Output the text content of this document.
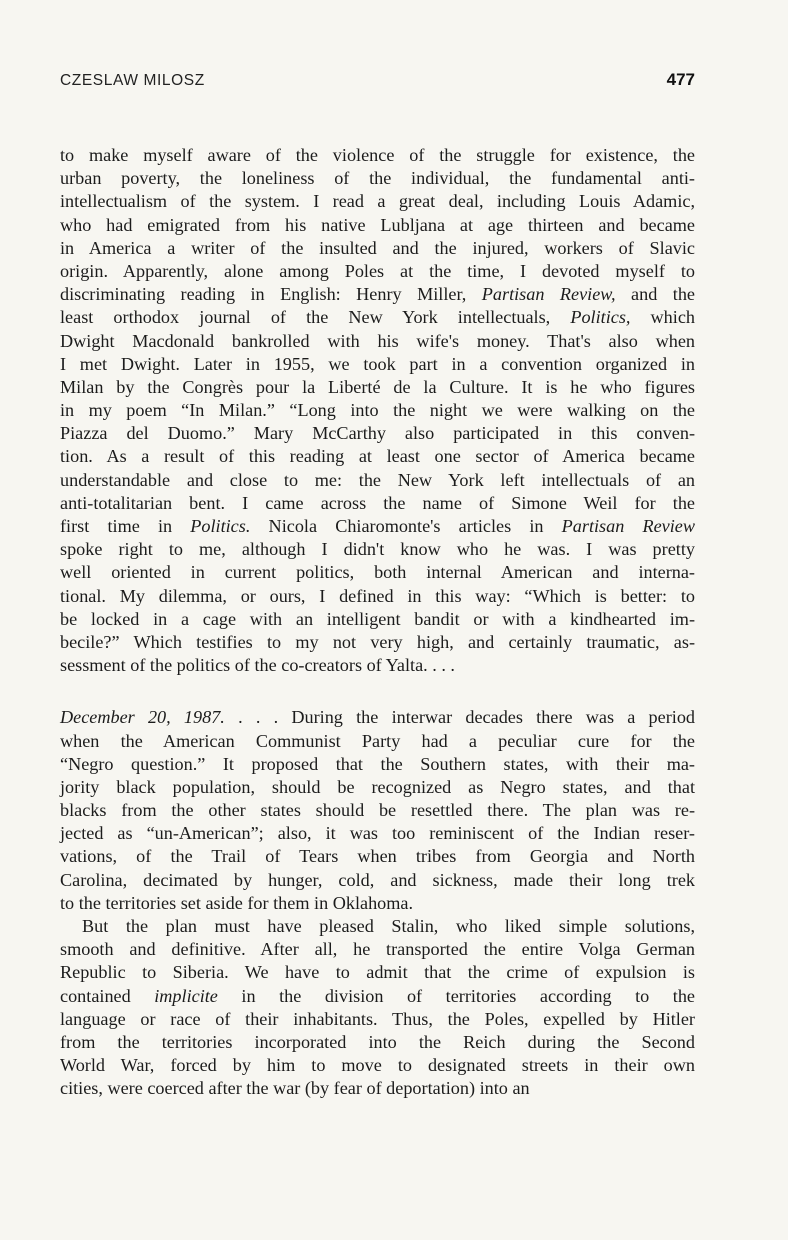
CZESLAW MILOSZ	477
to make myself aware of the violence of the struggle for existence, the
urban poverty, the loneliness of the individual, the fundamental anti-
intellectualism of the system. I read a great deal, including Louis Adamic,
who had emigrated from his native Lubljana at age thirteen and became
in America a writer of the insulted and the injured, workers of Slavic
origin. Apparently, alone among Poles at the time, I devoted myself to
discriminating reading in English: Henry Miller, Partisan Review, and the
least orthodox journal of the New York intellectuals, Politics, which
Dwight Macdonald bankrolled with his wife's money. That's also when
I met Dwight. Later in 1955, we took part in a convention organized in
Milan by the Congrès pour la Liberté de la Culture. It is he who figures
in my poem “In Milan.” “Long into the night we were walking on the
Piazza del Duomo.” Mary McCarthy also participated in this conven-
tion. As a result of this reading at least one sector of America became
understandable and close to me: the New York left intellectuals of an
anti-totalitarian bent. I came across the name of Simone Weil for the
first time in Politics. Nicola Chiaromonte's articles in Partisan Review
spoke right to me, although I didn't know who he was. I was pretty
well oriented in current politics, both internal American and interna-
tional. My dilemma, or ours, I defined in this way: “Which is better: to
be locked in a cage with an intelligent bandit or with a kindhearted im-
becile?” Which testifies to my not very high, and certainly traumatic, as-
sessment of the politics of the co-creators of Yalta. . . .
December 20, 1987. . . . During the interwar decades there was a period
when the American Communist Party had a peculiar cure for the
“Negro question.” It proposed that the Southern states, with their ma-
jority black population, should be recognized as Negro states, and that
blacks from the other states should be resettled there. The plan was re-
jected as “un-American”; also, it was too reminiscent of the Indian reser-
vations, of the Trail of Tears when tribes from Georgia and North
Carolina, decimated by hunger, cold, and sickness, made their long trek
to the territories set aside for them in Oklahoma.
But the plan must have pleased Stalin, who liked simple solutions,
smooth and definitive. After all, he transported the entire Volga German
Republic to Siberia. We have to admit that the crime of expulsion is
contained implicite in the division of territories according to the
language or race of their inhabitants. Thus, the Poles, expelled by Hitler
from the territories incorporated into the Reich during the Second
World War, forced by him to move to designated streets in their own
cities, were coerced after the war (by fear of deportation) into an
